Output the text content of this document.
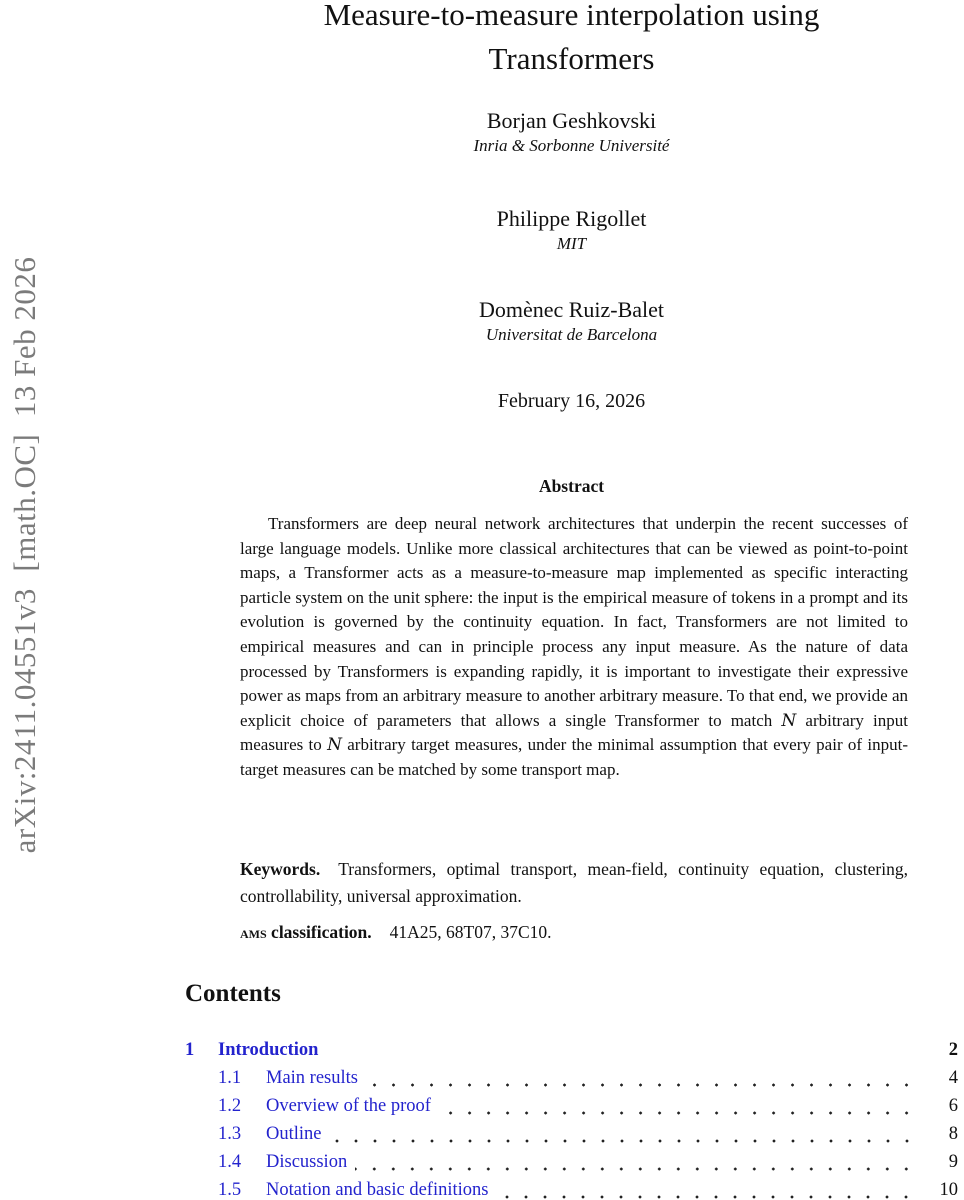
arXiv:2411.04551v3  [math.OC]  13 Feb 2026
Measure-to-measure interpolation using
Transformers
Borjan Geshkovski
Inria & Sorbonne Université
Philippe Rigollet
MIT
Domènec Ruiz-Balet
Universitat de Barcelona
February 16, 2026
Abstract
Transformers are deep neural network architectures that underpin the recent successes of large language models. Unlike more classical architectures that can be viewed as point-to-point maps, a Transformer acts as a measure-to-measure map implemented as specific interacting particle system on the unit sphere: the input is the empirical measure of tokens in a prompt and its evolution is governed by the continuity equation. In fact, Transformers are not limited to empirical measures and can in principle process any input measure. As the nature of data processed by Transformers is expanding rapidly, it is important to investigate their expressive power as maps from an arbitrary measure to another arbitrary measure. To that end, we provide an explicit choice of parameters that allows a single Transformer to match N arbitrary input measures to N arbitrary target measures, under the minimal assumption that every pair of input-target measures can be matched by some transport map.
Keywords. Transformers, optimal transport, mean-field, continuity equation, clustering, controllability, universal approximation.
ams classification. 41A25, 68T07, 37C10.
Contents
1	Introduction	2
1.1	Main results	4
1.2	Overview of the proof	6
1.3	Outline	8
1.4	Discussion	9
1.5	Notation and basic definitions	10
